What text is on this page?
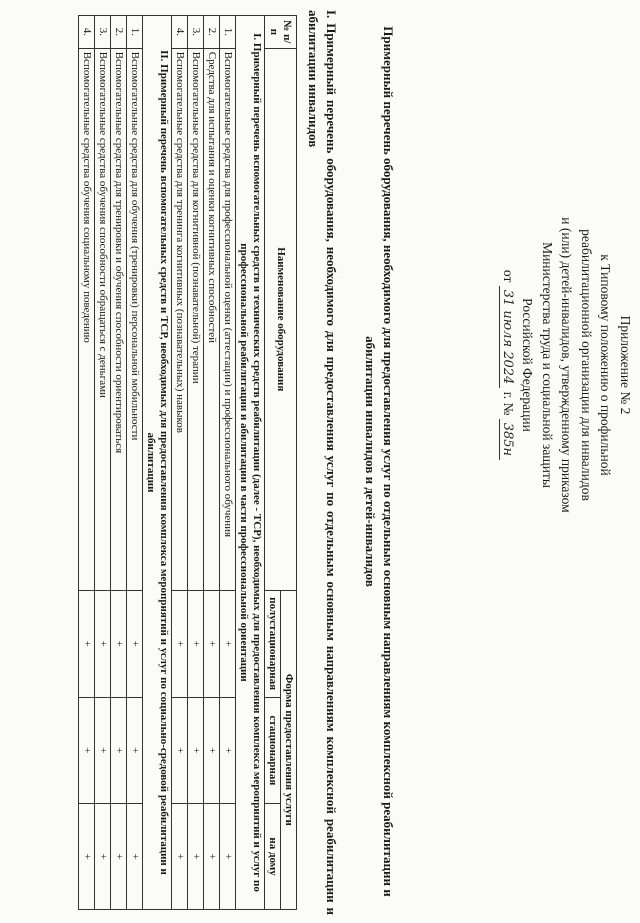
Приложение № 2
к Типовому положению о профильной
реабилитационной организации для инвалидов
и (или) детей-инвалидов, утвержденному приказом
Министерства труда и социальной защиты
Российской Федерации
от 31 июля 2024 г. № 385н
Примерный перечень оборудования, необходимого для предоставления услуг по отдельным основным направлениям комплексной реабилитации и абилитации инвалидов и детей-инвалидов
I. Примерный перечень оборудования, необходимого для предоставления услуг по отдельным основным направлениям комплексной реабилитации и абилитации инвалидов
№ п/п	Наименование оборудования	Форма предоставления услуги		
		полустационарная	стационарная	на дому
I. Примерный перечень вспомогательных средств и технических средств реабилитации (далее - ТСР), необходимых для предоставления комплекса мероприятий и услуг по профессиональной реабилитации и абилитации в части профессиональной ориентации				
1.	Вспомогательные средства для профессиональной оценки (аттестации) и профессионального обучения	+	+	+
2.	Средства для испытания и оценки когнитивных способностей	+	+	+
3.	Вспомогательные средства для когнитивной (познавательной) терапии	+	+	+
4.	Вспомогательные средства для тренинга когнитивных (познавательных) навыков	+	+	+
II. Примерный перечень вспомогательных средств и ТСР, необходимых для предоставления комплекса мероприятий и услуг по социально-средовой реабилитации и абилитации				
1.	Вспомогательные средства для обучения (тренировки) персональной мобильности	+	+	+
2.	Вспомогательные средства для тренировки и обучения способности ориентироваться	+	+	+
3.	Вспомогательные средства обучения способности обращаться с деньгами	+	+	+
4.	Вспомогательные средства обучения социальному поведению	+	+	+
